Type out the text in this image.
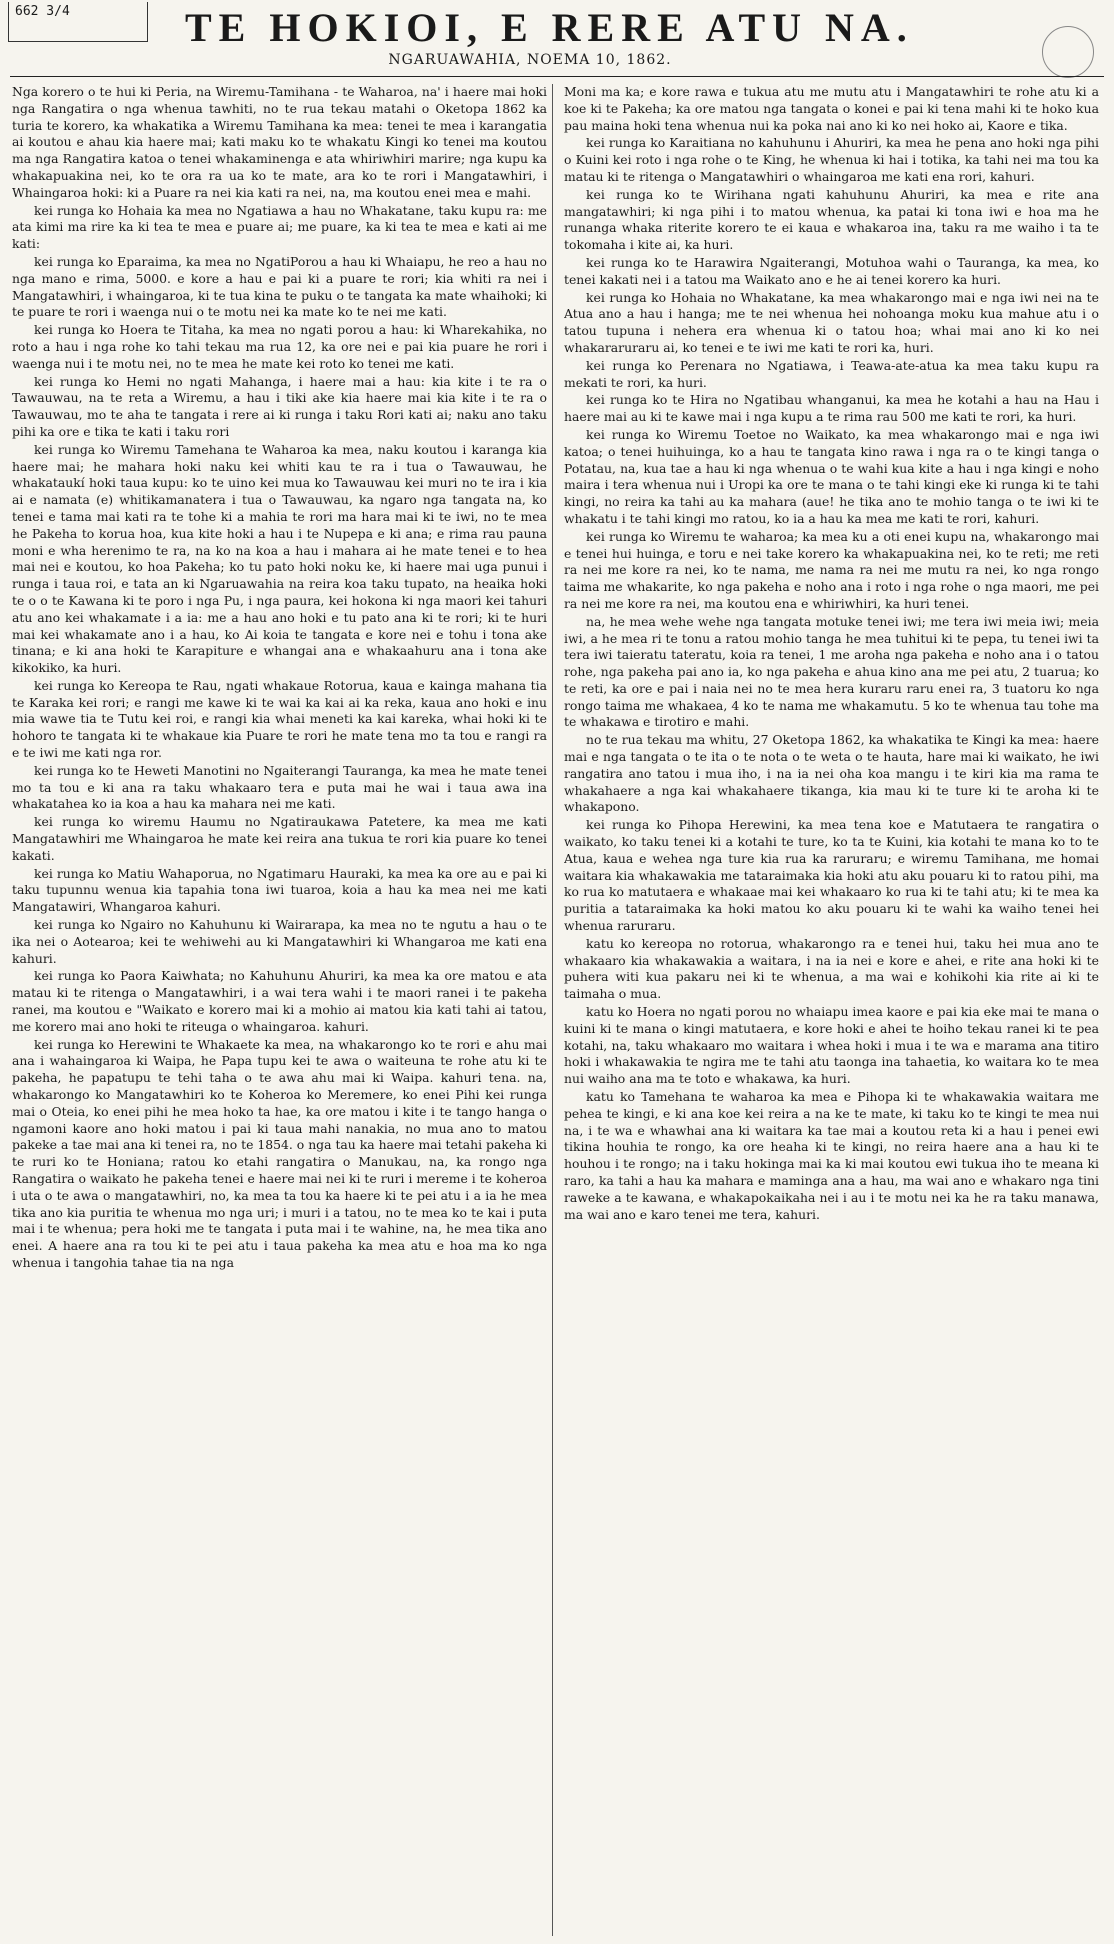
662 3/4	TE HOKIOI, E RERE ATU NA.
NGARUAWAHIA, NOEMA 10, 1862.

Nga korero o te hui ki Peria, na Wiremu-Tamihana - te Waharoa, na' i haere mai hoki nga Rangatira o nga whenua tawhiti, no te rua tekau matahi o Oketopa 1862 ka turia te korero, ka whakatika a Wiremu Tamihana ka mea: tenei te mea i karangatia ai koutou e ahau kia haere mai; kati maku ko te whakatu Kingi ko tenei ma koutou ma nga Rangatira katoa o tenei whakaminenga e ata whiriwhiri marire; nga kupu ka whakapuakina nei, ko te ora ra ua ko te mate, ara ko te rori i Mangatawhiri, i Whaingaroa hoki: ki a Puare ra nei kia kati ra nei, na, ma koutou enei mea e mahi.

kei runga ko Hohaia ka mea no Ngatiawa a hau no Whakatane, taku kupu ra: me ata kimi ma rire ka ki tea te mea e puare ai; me puare, ka ki tea te mea e kati ai me kati:

kei runga ko Eparaima, ka mea no NgatiPorou a hau ki Whaiapu, he reo a hau no nga mano e rima, 5000. e kore a hau e pai ki a puare te rori; kia whiti ra nei i Mangatawhiri, i whaingaroa, ki te tua kina te puku o te tangata ka mate whaihoki; ki te puare te rori i waenga nui o te motu nei ka mate ko te nei me kati.

kei runga ko Hoera te Titaha, ka mea no ngati porou a hau: ki Wharekahika, no roto a hau i nga rohe ko tahi tekau ma rua 12, ka ore nei e pai kia puare he rori i waenga nui i te motu nei, no te mea he mate kei roto ko tenei me kati.

kei runga ko Hemi no ngati Mahanga, i haere mai a hau: kia kite i te ra o Tawauwau, na te reta a Wiremu, a hau i tiki ake kia haere mai kia kite i te ra o Tawauwau, mo te aha te tangata i rere ai ki runga i taku Rori kati ai; naku ano taku pihi ka ore e tika te kati i taku rori

kei runga ko Wiremu Tamehana te Waharoa ka mea, naku koutou i karanga kia haere mai; he mahara hoki naku kei whiti kau te ra i tua o Tawauwau, he whakataukí hoki taua kupu: ko te uino kei mua ko Tawauwau kei muri no te ira i kia ai e namata (e) whitikamanatera i tua o Tawauwau, ka ngaro nga tangata na, ko tenei e tama mai kati ra te tohe ki a mahia te rori ma hara mai ki te iwi, no te mea he Pakeha to korua hoa, kua kite hoki a hau i te Nupepa e ki ana; e rima rau pauna moni e wha herenimo te ra, na ko na koa a hau i mahara ai he mate tenei e to hea mai nei e koutou, ko hoa Pakeha; ko tu pato hoki noku ke, ki haere mai uga punui i runga i taua roi, e tata an ki Ngaruawahia na reira koa taku tupato, na heaika hoki te o o te Kawana ki te poro i nga Pu, i nga paura, kei hokona ki nga maori kei tahuri atu ano kei whakamate i a ia: me a hau ano hoki e tu pato ana ki te rori; ki te huri mai kei whakamate ano i a hau, ko Ai koia te tangata e kore nei e tohu i tona ake tinana; e ki ana hoki te Karapiture e whangai ana e whakaahuru ana i tona ake kikokiko, ka huri.

kei runga ko Kereopa te Rau, ngati whakaue Rotorua, kaua e kainga mahana tia te Karaka kei rori; e rangi me kawe ki te wai ka kai ai ka reka, kaua ano hoki e inu mia wawe tia te Tutu kei roi, e rangi kia whai meneti ka kai kareka, whai hoki ki te hohoro te tangata ki te whakaue kia Puare te rori he mate tena mo ta tou e rangi ra e te iwi me kati nga ror.

kei runga ko te Heweti Manotini no Ngaiterangi Tauranga, ka mea he mate tenei mo ta tou e ki ana ra taku whakaaro tera e puta mai he wai i taua awa ina whakatahea ko ia koa a hau ka mahara nei me kati.

kei runga ko wiremu Haumu no Ngatiraukawa Patetere, ka mea me kati Mangatawhiri me Whaingaroa he mate kei reira ana tukua te rori kia puare ko tenei kakati.

kei runga ko Matiu Wahaporua, no Ngatimaru Hauraki, ka mea ka ore au e pai ki taku tupunnu wenua kia tapahia tona iwi tuaroa, koia a hau ka mea nei me kati Mangatawiri, Whangaroa kahuri.

kei runga ko Ngairo no Kahuhunu ki Wairarapa, ka mea no te ngutu a hau o te ika nei o Aotearoa; kei te wehiwehi au ki Mangatawhiri ki Whangaroa me kati ena kahuri.

kei runga ko Paora Kaiwhata; no Kahuhunu Ahuriri, ka mea ka ore matou e ata matau ki te ritenga o Mangatawhiri, i a wai tera wahi i te maori ranei i te pakeha ranei, ma koutou e "Waikato e korero mai ki a mohio ai matou kia kati tahi ai tatou, me korero mai ano hoki te riteuga o whaingaroa. kahuri.

kei runga ko Herewini te Whakaete ka mea, na whakarongo ko te rori e ahu mai ana i wahaingaroa ki Waipa, he Papa tupu kei te awa o waiteuna te rohe atu ki te pakeha, he papatupu te tehi taha o te awa ahu mai ki Waipa. kahuri tena. na, whakarongo ko Mangatawhiri ko te Koheroa ko Meremere, ko enei Pihi kei runga mai o Oteia, ko enei pihi he mea hoko ta hae, ka ore matou i kite i te tango hanga o ngamoni kaore ano hoki matou i pai ki taua mahi nanakia, no mua ano to matou pakeke a tae mai ana ki tenei ra, no te 1854. o nga tau ka haere mai tetahi pakeha ki te ruri ko te Honiana; ratou ko etahi rangatira o Manukau, na, ka rongo nga Rangatira o waikato he pakeha tenei e haere mai nei ki te ruri i mereme i te koheroa i uta o te awa o mangatawhiri, no, ka mea ta tou ka haere ki te pei atu i a ia he mea tika ano kia puritia te whenua mo nga uri; i muri i a tatou, no te mea ko te kai i puta mai i te whenua; pera hoki me te tangata i puta mai i te wahine, na, he mea tika ano enei. A haere ana ra tou ki te pei atu i taua pakeha ka mea atu e hoa ma ko nga whenua i tangohia tahae tia na nga

Moni ma ka; e kore rawa e tukua atu me mutu atu i Mangatawhiri te rohe atu ki a koe ki te Pakeha; ka ore matou nga tangata o konei e pai ki tena mahi ki te hoko kua pau maina hoki tena whenua nui ka poka nai ano ki ko nei hoko ai, Kaore e tika.

kei runga ko Karaitiana no kahuhunu i Ahuriri, ka mea he pena ano hoki nga pihi o Kuini kei roto i nga rohe o te King, he whenua ki hai i totika, ka tahi nei ma tou ka matau ki te ritenga o Mangatawhiri o whaingaroa me kati ena rori, kahuri.

kei runga ko te Wirihana ngati kahuhunu Ahuriri, ka mea e rite ana mangatawhiri; ki nga pihi i to matou whenua, ka patai ki tona iwi e hoa ma he runanga whaka riterite korero te ei kaua e whakaroa ina, taku ra me waiho i ta te tokomaha i kite ai, ka huri.

kei runga ko te Harawira Ngaiterangi, Motuhoa wahi o Tauranga, ka mea, ko tenei kakati nei i a tatou ma Waikato ano e he ai tenei korero ka huri.

kei runga ko Hohaia no Whakatane, ka mea whakarongo mai e nga iwi nei na te Atua ano a hau i hanga; me te nei whenua hei nohoanga moku kua mahue atu i o tatou tupuna i nehera era whenua ki o tatou hoa; whai mai ano ki ko nei whakararuraru ai, ko tenei e te iwi me kati te rori ka, huri.

kei runga ko Perenara no Ngatiawa, i Teawa-ate-atua ka mea taku kupu ra mekati te rori, ka huri.

kei runga ko te Hira no Ngatibau whanganui, ka mea he kotahi a hau na Hau i haere mai au ki te kawe mai i nga kupu a te rima rau 500 me kati te rori, ka huri.

kei runga ko Wiremu Toetoe no Waikato, ka mea whakarongo mai e nga iwi katoa; o tenei huihuinga, ko a hau te tangata kino rawa i nga ra o te kingi tanga o Potatau, na, kua tae a hau ki nga whenua o te wahi kua kite a hau i nga kingi e noho maira i tera whenua nui i Uropi ka ore te mana o te tahi kingi eke ki runga ki te tahi kingi, no reira ka tahi au ka mahara (aue! he tika ano te mohio tanga o te iwi ki te whakatu i te tahi kingi mo ratou, ko ia a hau ka mea me kati te rori, kahuri.

kei runga ko Wiremu te waharoa; ka mea ku a oti enei kupu na, whakarongo mai e tenei hui huinga, e toru e nei take korero ka whakapuakina nei, ko te reti; me reti ra nei me kore ra nei, ko te nama, me nama ra nei me mutu ra nei, ko nga rongo taima me whakarite, ko nga pakeha e noho ana i roto i nga rohe o nga maori, me pei ra nei me kore ra nei, ma koutou ena e whiriwhiri, ka huri tenei.

na, he mea wehe wehe nga tangata motuke tenei iwi; me tera iwi meia iwi; meia iwi, a he mea ri te tonu a ratou mohio tanga he mea tuhitui ki te pepa, tu tenei iwi ta tera iwi taieratu tateratu, koia ra tenei, 1 me aroha nga pakeha e noho ana i o tatou rohe, nga pakeha pai ano ia, ko nga pakeha e ahua kino ana me pei atu, 2 tuarua; ko te reti, ka ore e pai i naia nei no te mea hera kuraru raru enei ra, 3 tuatoru ko nga rongo taima me whakaea, 4 ko te nama me whakamutu. 5 ko te whenua tau tohe ma te whakawa e tirotiro e mahi.

no te rua tekau ma whitu, 27 Oketopa 1862, ka whakatika te Kingi ka mea: haere mai e nga tangata o te ita o te nota o te weta o te hauta, hare mai ki waikato, he iwi rangatira ano tatou i mua iho, i na ia nei oha koa mangu i te kiri kia ma rama te whakahaere a nga kai whakahaere tikanga, kia mau ki te ture ki te aroha ki te whakapono.

kei runga ko Pihopa Herewini, ka mea tena koe e Matutaera te rangatira o waikato, ko taku tenei ki a kotahi te ture, ko ta te Kuini, kia kotahi te mana ko to te Atua, kaua e wehea nga ture kia rua ka raruraru; e wiremu Tamihana, me homai waitara kia whakawakia me tataraimaka kia hoki atu aku pouaru ki to ratou pihi, ma ko rua ko matutaera e whakaae mai kei whakaaro ko rua ki te tahi atu; ki te mea ka puritia a tataraimaka ka hoki matou ko aku pouaru ki te wahi ka waiho tenei hei whenua raruraru.

katu ko kereopa no rotorua, whakarongo ra e tenei hui, taku hei mua ano te whakaaro kia whakawakia a waitara, i na ia nei e kore e ahei, e rite ana hoki ki te puhera witi kua pakaru nei ki te whenua, a ma wai e kohikohi kia rite ai ki te taimaha o mua.

katu ko Hoera no ngati porou no whaiapu imea kaore e pai kia eke mai te mana o kuini ki te mana o kingi matutaera, e kore hoki e ahei te hoiho tekau ranei ki te pea kotahi, na, taku whakaaro mo waitara i whea hoki i mua i te wa e marama ana titiro hoki i whakawakia te ngira me te tahi atu taonga ina tahaetia, ko waitara ko te mea nui waiho ana ma te toto e whakawa, ka huri.

katu ko Tamehana te waharoa ka mea e Pihopa ki te whakawakia waitara me pehea te kingi, e ki ana koe kei reira a na ke te mate, ki taku ko te kingi te mea nui na, i te wa e whawhai ana ki waitara ka tae mai a koutou reta ki a hau i penei ewi tikina houhia te rongo, ka ore heaha ki te kingi, no reira haere ana a hau ki te houhou i te rongo; na i taku hokinga mai ka ki mai koutou ewi tukua iho te meana ki raro, ka tahi a hau ka mahara e maminga ana a hau, ma wai ano e whakaro nga tini raweke a te kawana, e whakapokaikaha nei i au i te motu nei ka he ra taku manawa, ma wai ano e karo tenei me tera, kahuri.
